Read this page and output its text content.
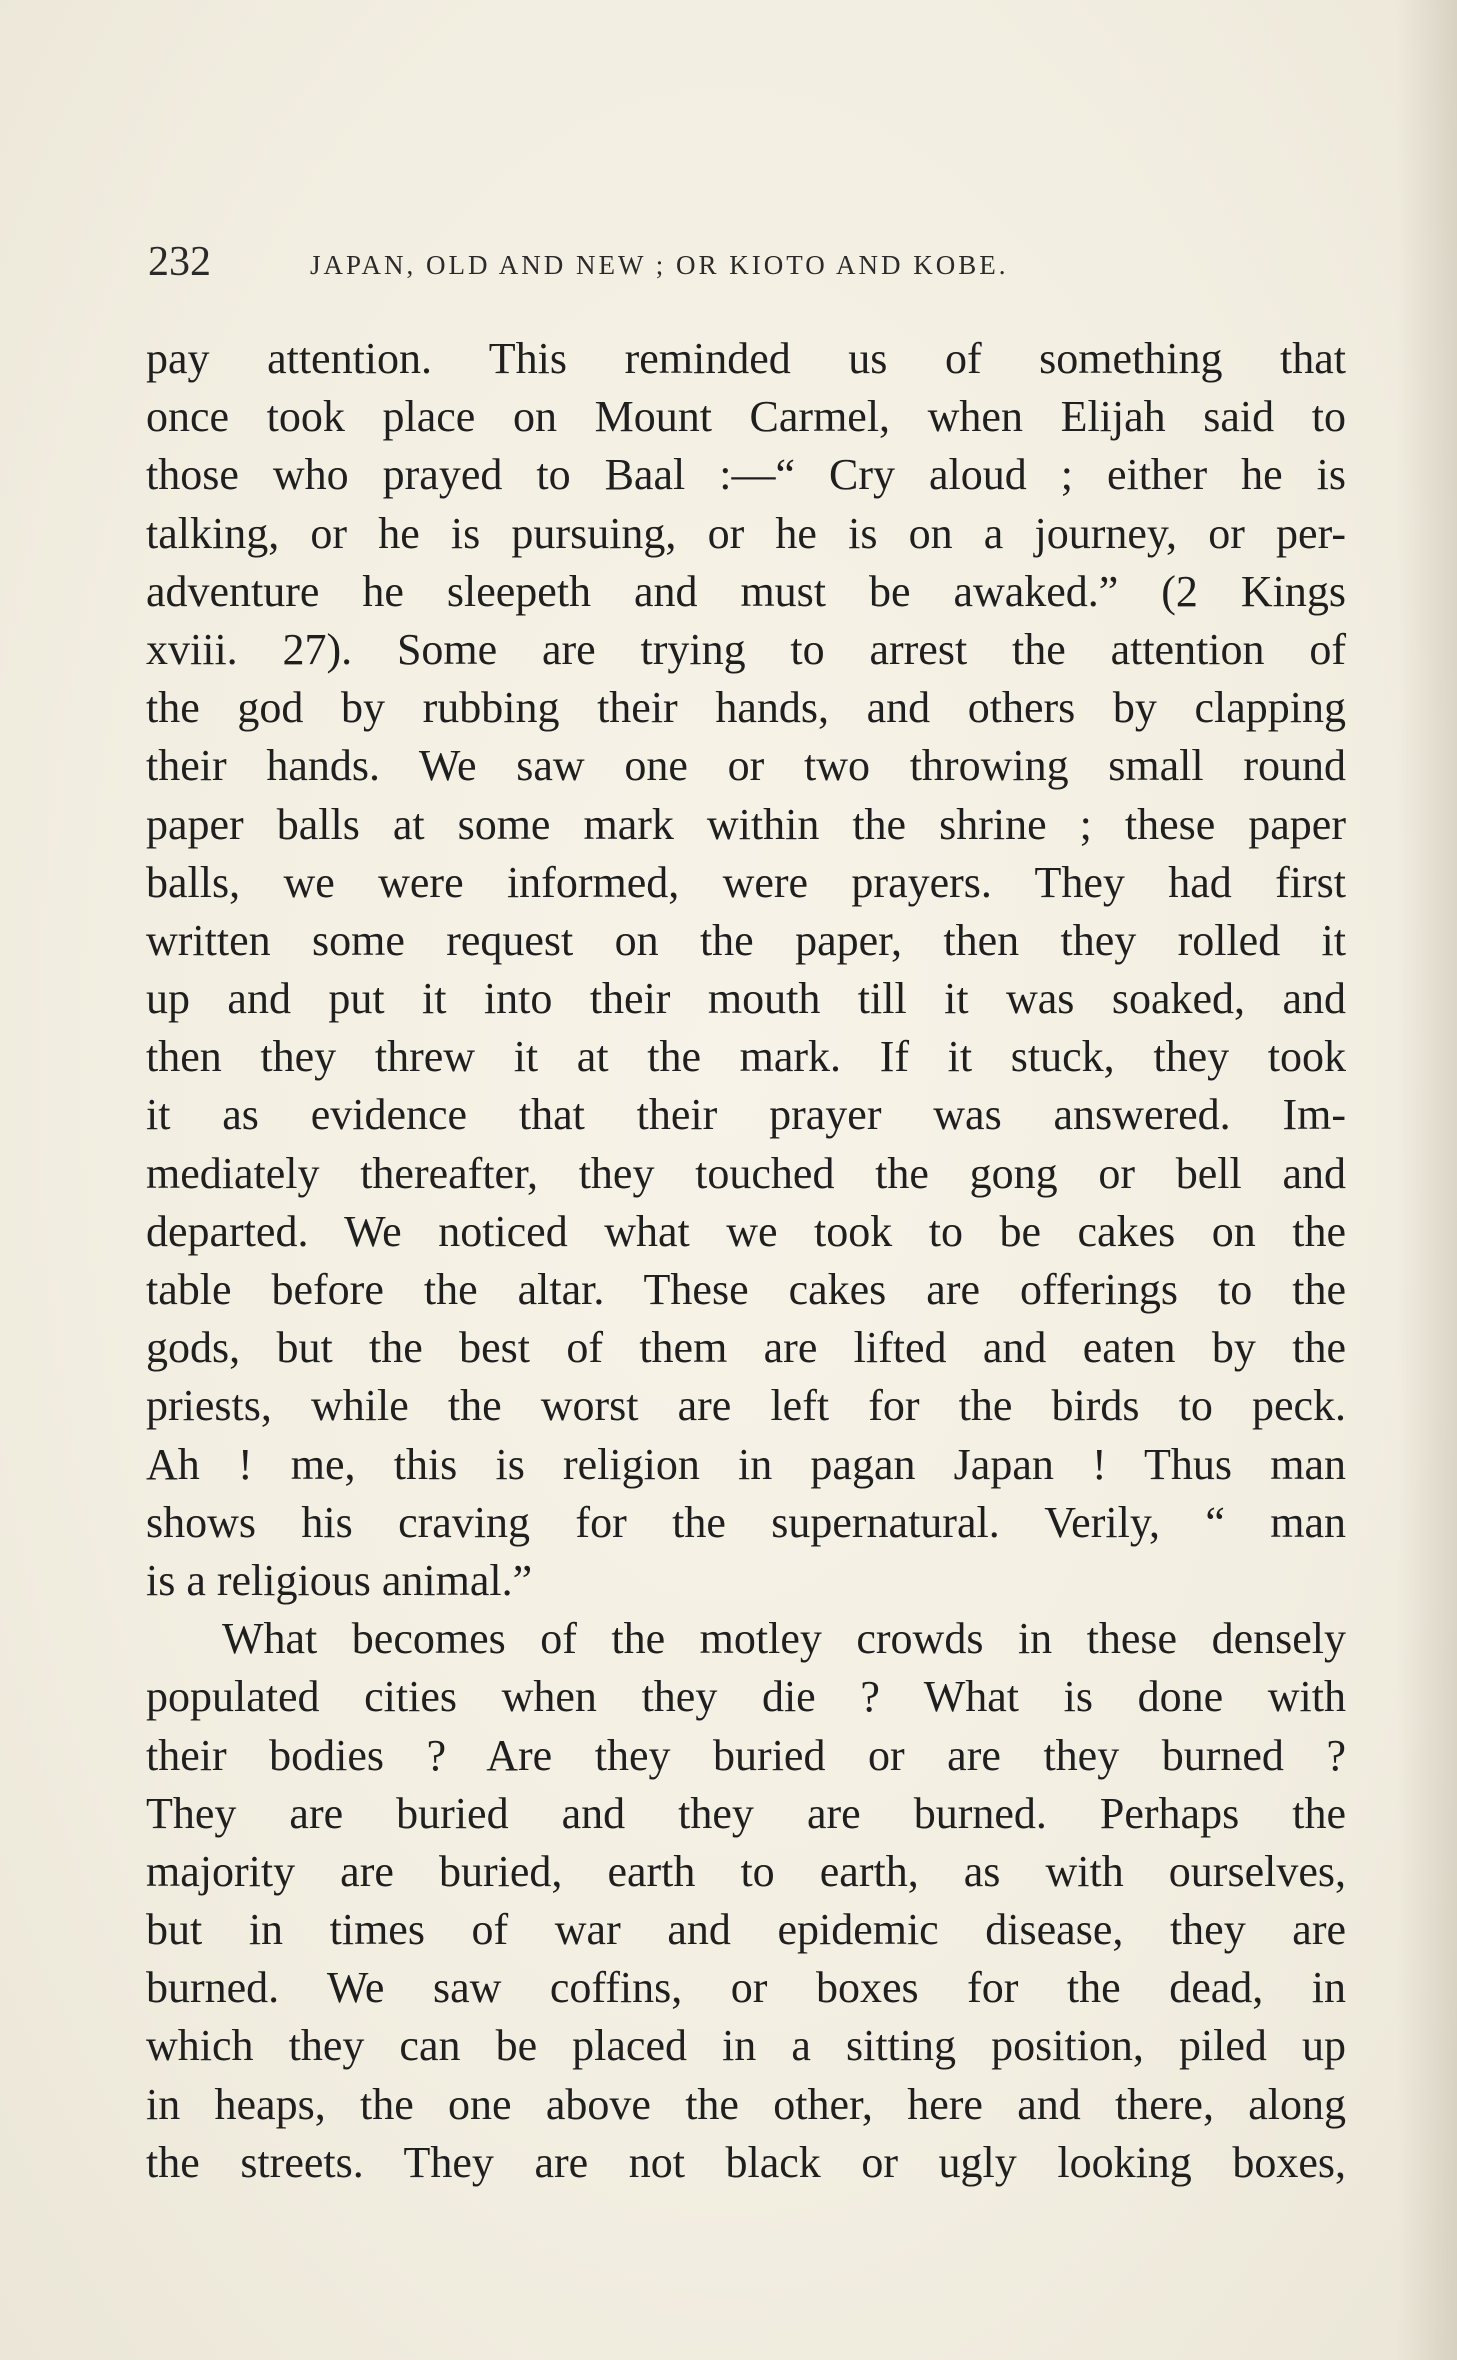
232	JAPAN, OLD AND NEW ; OR KIOTO AND KOBE.
pay attention. This reminded us of something that
once took place on Mount Carmel, when Elijah said to
those who prayed to Baal :—“ Cry aloud ; either he is
talking, or he is pursuing, or he is on a journey, or per-
adventure he sleepeth and must be awaked.” (2 Kings
xviii. 27). Some are trying to arrest the attention of
the god by rubbing their hands, and others by clapping
their hands. We saw one or two throwing small round
paper balls at some mark within the shrine ; these paper
balls, we were informed, were prayers. They had first
written some request on the paper, then they rolled it
up and put it into their mouth till it was soaked, and
then they threw it at the mark. If it stuck, they took
it as evidence that their prayer was answered. Im-
mediately thereafter, they touched the gong or bell and
departed. We noticed what we took to be cakes on the
table before the altar. These cakes are offerings to the
gods, but the best of them are lifted and eaten by the
priests, while the worst are left for the birds to peck.
Ah ! me, this is religion in pagan Japan ! Thus man
shows his craving for the supernatural. Verily, “ man
is a religious animal.”
What becomes of the motley crowds in these densely
populated cities when they die ? What is done with
their bodies ? Are they buried or are they burned ?
They are buried and they are burned. Perhaps the
majority are buried, earth to earth, as with ourselves,
but in times of war and epidemic disease, they are
burned. We saw coffins, or boxes for the dead, in
which they can be placed in a sitting position, piled up
in heaps, the one above the other, here and there, along
the streets. They are not black or ugly looking boxes,
